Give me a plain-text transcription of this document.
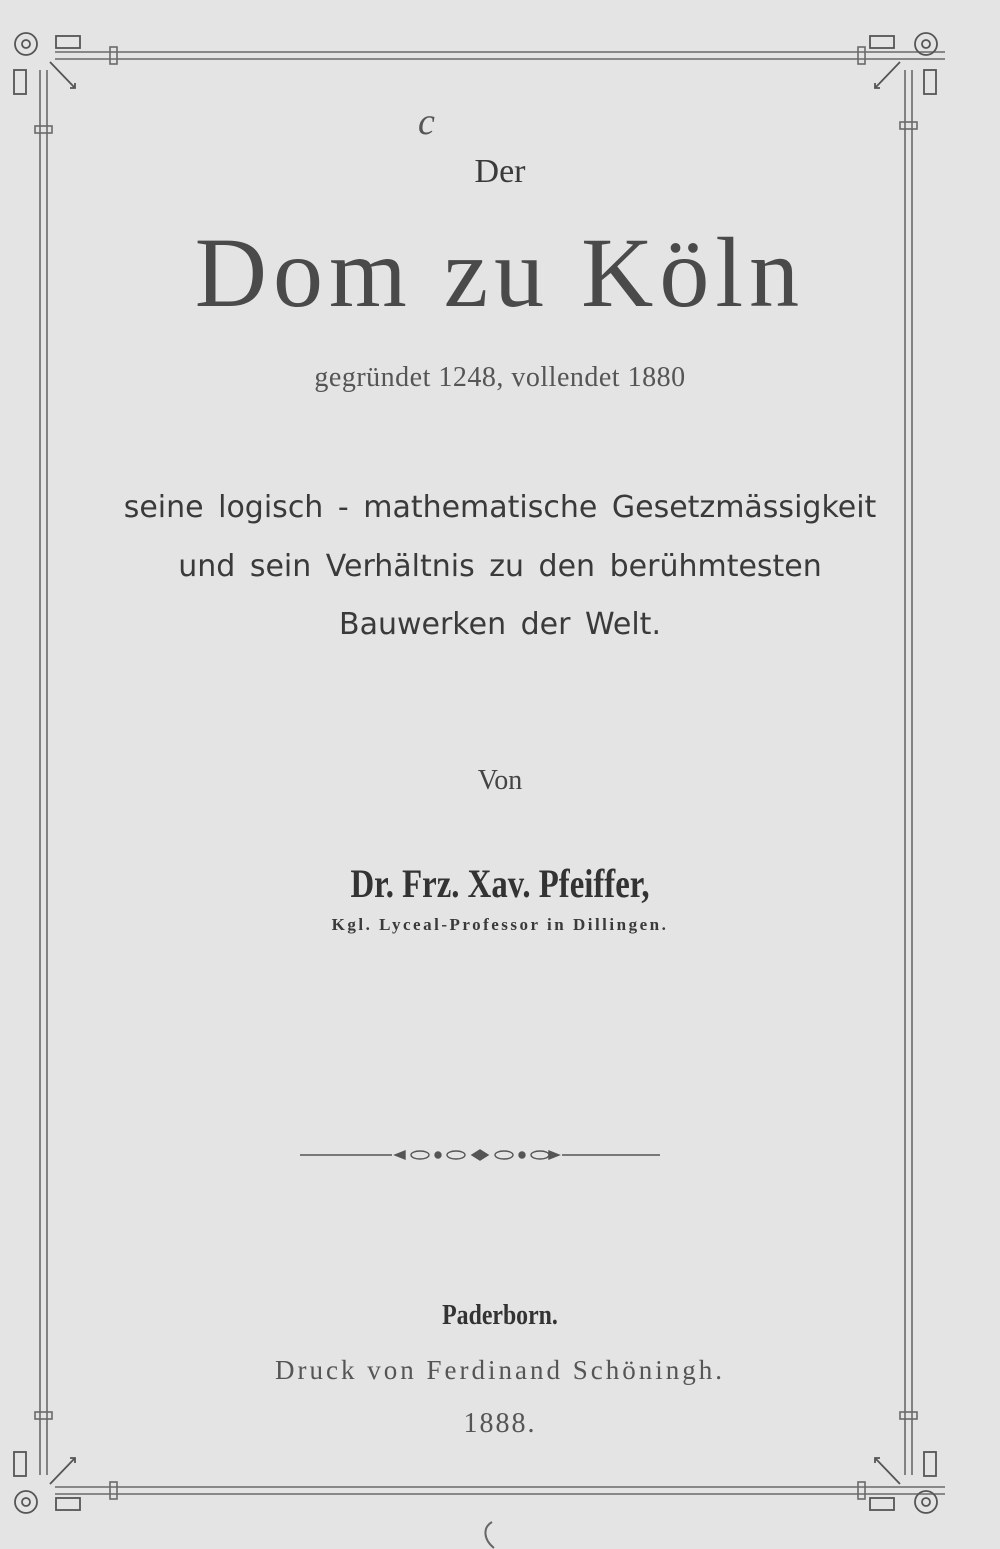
c
Der
Dom zu Köln
gegründet 1248, vollendet 1880
seine logisch - mathematische Gesetzmässigkeit
und sein Verhältnis zu den berühmtesten
Bauwerken der Welt.
Von
Dr. Frz. Xav. Pfeiffer,
Kgl. Lyceal-Professor in Dillingen.
Paderborn.
Druck von Ferdinand Schöningh.
1888.
